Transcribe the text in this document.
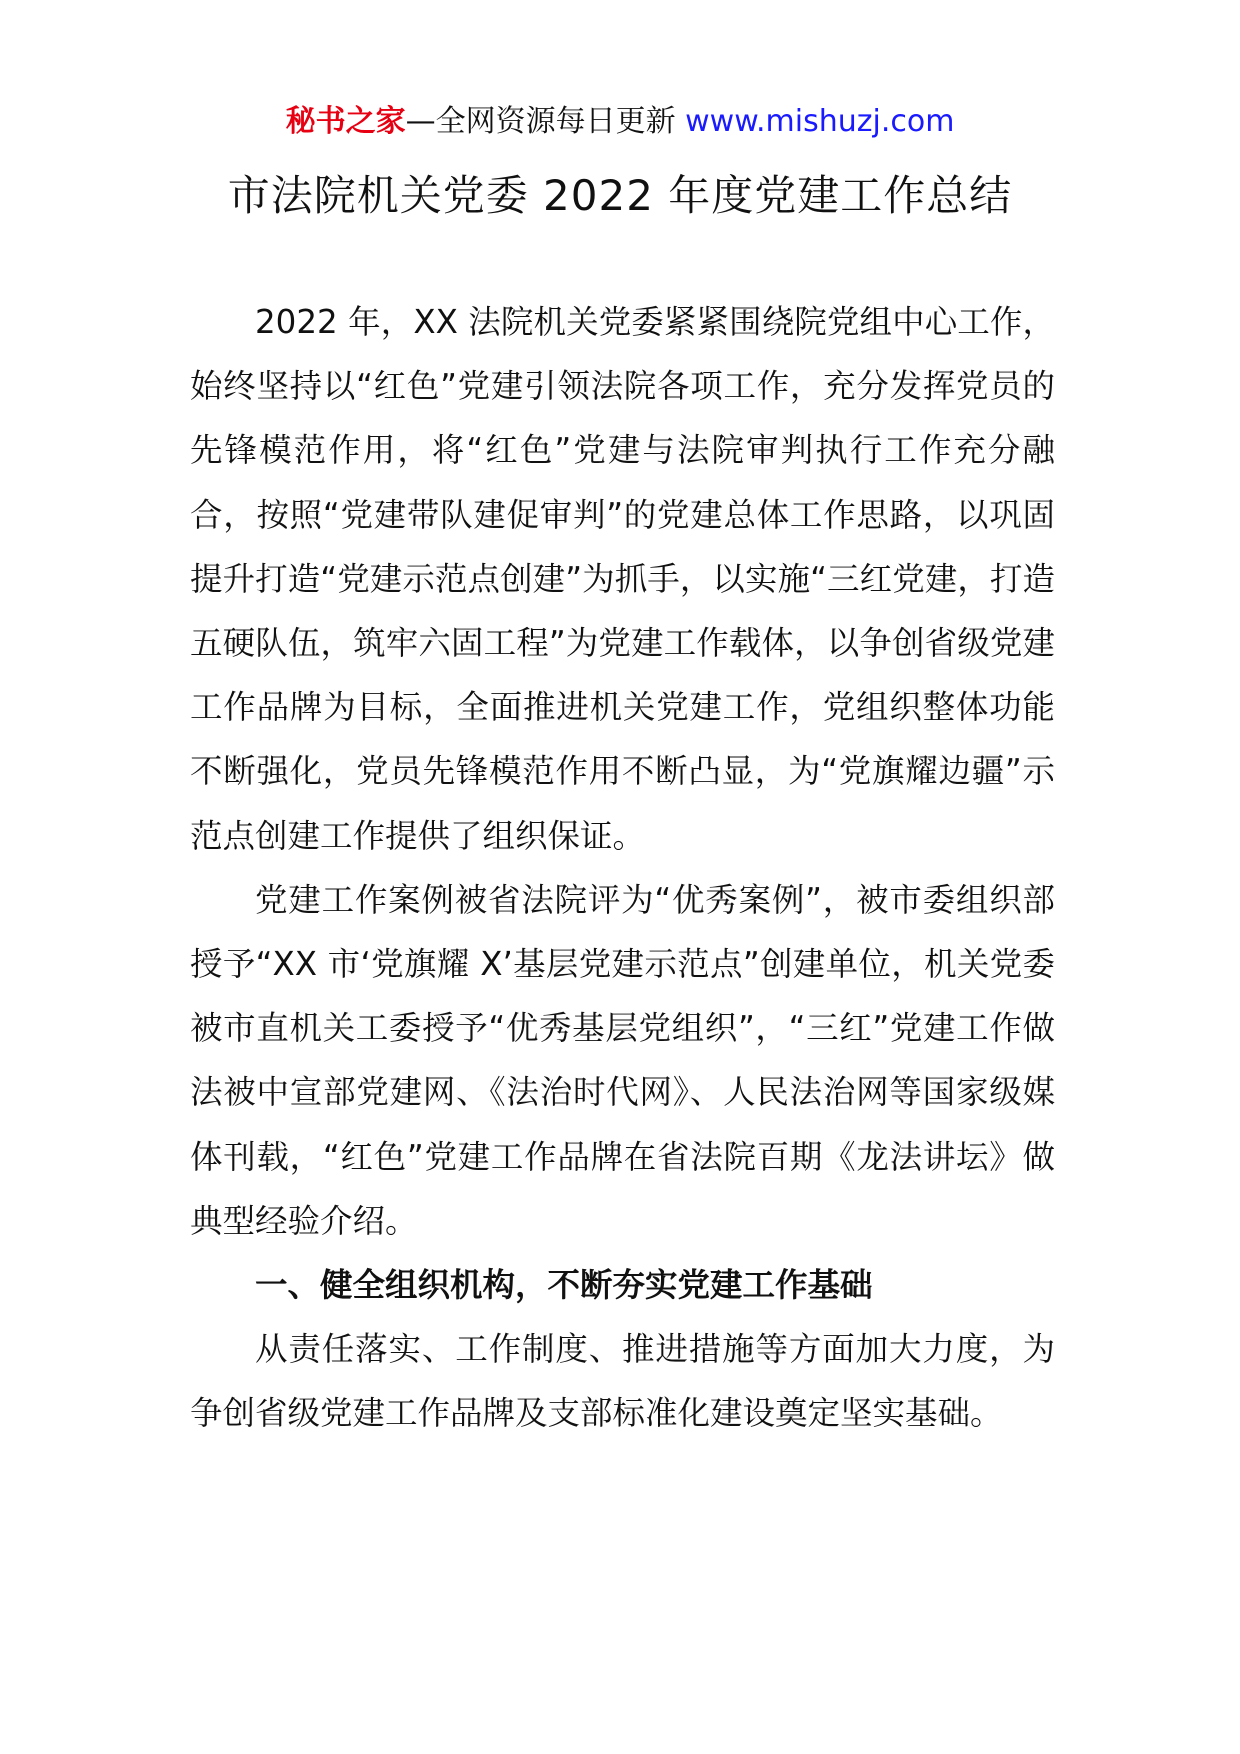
秘书之家—全网资源每日更新 www.mishuzj.com
市法院机关党委 2022 年度党建工作总结

2022 年，XX 法院机关党委紧紧围绕院党组中心工作，始终坚持以“红色”党建引领法院各项工作，充分发挥党员的先锋模范作用，将“红色”党建与法院审判执行工作充分融合，按照“党建带队建促审判”的党建总体工作思路，以巩固提升打造“党建示范点创建”为抓手，以实施“三红党建，打造五硬队伍，筑牢六固工程”为党建工作载体，以争创省级党建工作品牌为目标，全面推进机关党建工作，党组织整体功能不断强化，党员先锋模范作用不断凸显，为“党旗耀边疆”示范点创建工作提供了组织保证。

党建工作案例被省法院评为“优秀案例”，被市委组织部授予“XX 市‘党旗耀 X’基层党建示范点”创建单位，机关党委被市直机关工委授予“优秀基层党组织”，“三红”党建工作做法被中宣部党建网、《法治时代网》、人民法治网等国家级媒体刊载，“红色”党建工作品牌在省法院百期《龙法讲坛》做典型经验介绍。

一、健全组织机构，不断夯实党建工作基础

从责任落实、工作制度、推进措施等方面加大力度，为争创省级党建工作品牌及支部标准化建设奠定坚实基础。
